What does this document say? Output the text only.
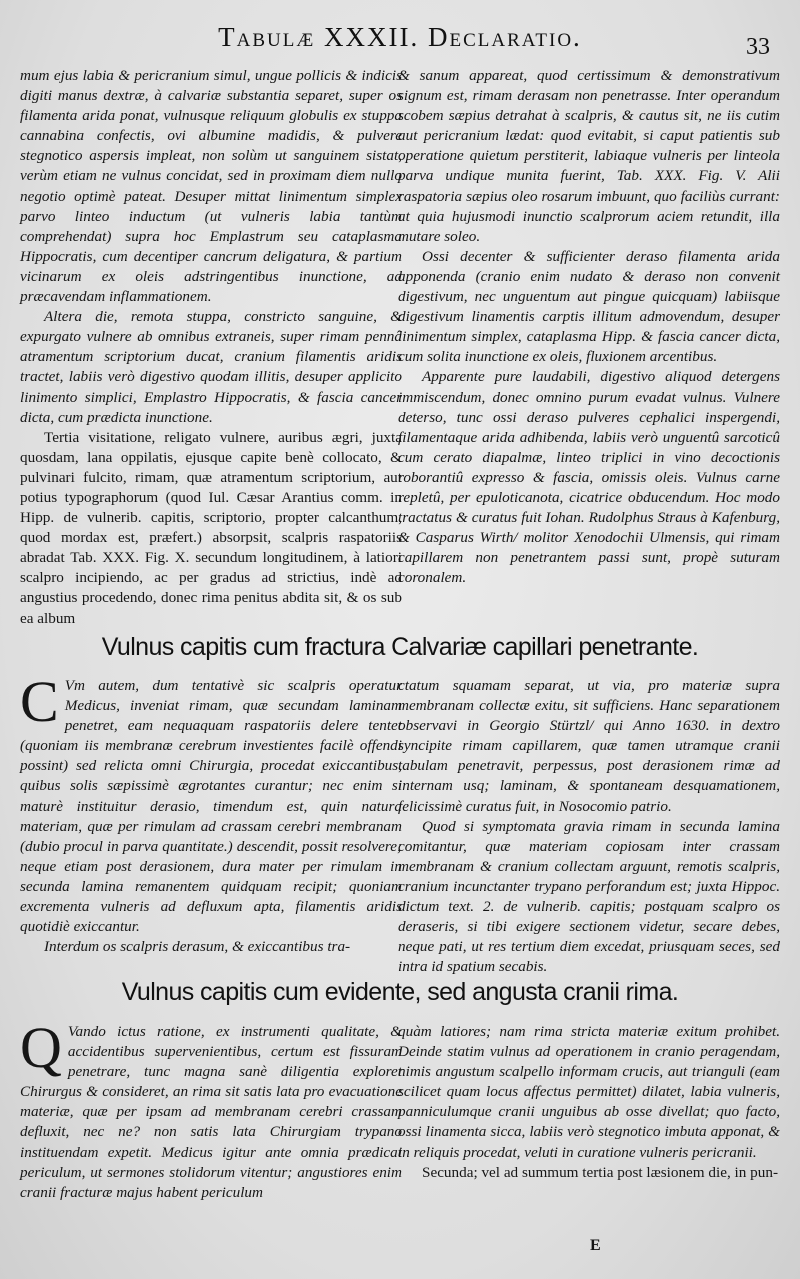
Tabulæ XXXII. Declaratio.	33

mum ejus labia & pericranium simul, ungue pollicis & indicis digiti manus dextræ, à calvariæ substantia separet, super os filamenta arida ponat, vulnusque reliquum globulis ex stuppa cannabina confectis, ovi albumine madidis, & pulvere stegnotico aspersis impleat, non solùm ut sanguinem sistat, verùm etiam ne vulnus concidat, sed in proximam diem nullo negotio optimè pateat. Desuper mittat linimentum simplex parvo linteo inductum (ut vulneris labia tantùm comprehendat) supra hoc Emplastrum seu cataplasma Hippocratis, cum decentiper cancrum deligatura, & partium vicinarum ex oleis adstringentibus inunctione, ad præcavendam inflammationem.

Altera die, remota stuppa, constricto sanguine, & expurgato vulnere ab omnibus extraneis, super rimam pennâ atramentum scriptorium ducat, cranium filamentis aridis tractet, labiis verò digestivo quodam illitis, desuper applicito linimento simplici, Emplastro Hippocratis, & fascia cancer dicta, cum prædicta inunctione.

Tertia visitatione, religato vulnere, auribus ægri, juxta quosdam, lana oppilatis, ejusque capite benè collocato, & pulvinari fulcito, rimam, quæ atramentum scriptorium, aut potius typographorum (quod Iul. Cæsar Arantius comm. in Hipp. de vulnerib. capitis, scriptorio, propter calcanthum, quod mordax est, præfert.) absorpsit, scalpris raspatoriis abradat Tab. XXX. Fig. X. secundum longitudinem, à latiori scalpro incipiendo, ac per gradus ad strictius, indè ad angustius procedendo, donec rima penitus abdita sit, & os sub ea album

& sanum appareat, quod certissimum & demonstrativum signum est, rimam derasam non penetrasse. Inter operandum scobem sæpius detrahat à scalpris, & cautus sit, ne iis cutim aut pericranium lædat: quod evitabit, si caput patientis sub operatione quietum perstiterit, labiaque vulneris per linteola parva undique munita fuerint, Tab. XXX. Fig. V. Alii raspatoria sæpius oleo rosarum imbuunt, quo faciliùs currant: at quia hujusmodi inunctio scalprorum aciem retundit, illa mutare soleo.

Ossi decenter & sufficienter deraso filamenta arida apponenda (cranio enim nudato & deraso non convenit digestivum, nec unguentum aut pingue quicquam) labiisque digestivum linamentis carptis illitum admovendum, desuper linimentum simplex, cataplasma Hipp. & fascia cancer dicta, cum solita inunctione ex oleis, fluxionem arcentibus.

Apparente pure laudabili, digestivo aliquod detergens immiscendum, donec omnino purum evadat vulnus. Vulnere deterso, tunc ossi deraso pulveres cephalici inspergendi, filamentaque arida adhibenda, labiis verò unguentû sarcoticû cum cerato diapalmæ, linteo triplici in vino decoctionis roborantiû expresso & fascia, omissis oleis. Vulnus carne repletû, per epuloticanota, cicatrice obducendum. Hoc modo tractatus & curatus fuit Iohan. Rudolphus Straus à Kafenburg, & Casparus Wirth/ molitor Xenodochii Ulmensis, qui rimam capillarem non penetrantem passi sunt, propè suturam coronalem.

Vulnus capitis cum fractura Calvariæ capillari penetrante.
C Vm autem, dum tentativè sic scalpris operatur Medicus, inveniat rimam, quæ secundam laminam penetret, eam nequaquam raspatoriis delere tentet (quoniam iis membranæ cerebrum investientes facilè offendi possint) sed relicta omni Chirurgia, procedat exiccantibus, quibus solis sæpissimè ægrotantes curantur; nec enim si maturè instituitur derasio, timendum est, quin natura materiam, quæ per rimulam ad crassam cerebri membranam (dubio procul in parva quantitate.) descendit, possit resolvere; neque etiam post derasionem, dura mater per rimulam in secunda lamina remanentem quidquam recipit; quoniam excrementa vulneris ad defluxum apta, filamentis aridis quotidiè exiccantur.

Interdum os scalpris derasum, & exiccantibus tra-

ctatum squamam separat, ut via, pro materiæ supra membranam collectæ exitu, sit sufficiens. Hanc separationem observavi in Georgio Stürtzl/ qui Anno 1630. in dextro syncipite rimam capillarem, quæ tamen utramque cranii tabulam penetravit, perpessus, post derasionem rimæ ad internam usq; laminam, & spontaneam desquamationem, felicissimè curatus fuit, in Nosocomio patrio.

Quod si symptomata gravia rimam in secunda lamina comitantur, quæ materiam copiosam inter crassam membranam & cranium collectam arguunt, remotis scalpris, cranium incunctanter trypano perforandum est; juxta Hippoc. dictum text. 2. de vulnerib. capitis; postquam scalpro os deraseris, si tibi exigere sectionem videtur, secare debes, neque pati, ut res tertium diem excedat, priusquam seces, sed intra id spatium secabis.

Vulnus capitis cum evidente, sed angusta cranii rima.
Q Vando ictus ratione, ex instrumenti qualitate, & accidentibus supervenientibus, certum est fissuram penetrare, tunc magna sanè diligentia exploret Chirurgus & consideret, an rima sit satis lata pro evacuatione materiæ, quæ per ipsam ad membranam cerebri crassam defluxit, nec ne? non satis lata Chirurgiam trypano instituendam expetit. Medicus igitur ante omnia prædicat periculum, ut sermones stolidorum vitentur; angustiores enim cranii fracturæ majus habent periculum

quàm latiores; nam rima stricta materiæ exitum prohibet. Deinde statim vulnus ad operationem in cranio peragendam, nimis angustum scalpello informam crucis, aut trianguli (eam scilicet quam locus affectus permittet) dilatet, labia vulneris, panniculumque cranii unguibus ab osse divellat; quo facto, ossi linamenta sicca, labiis verò stegnotico imbuta apponat, & in reliquis procedat, veluti in curatione vulneris pericranii.

Secunda; vel ad summum tertia post læsionem die, in pun-

E
